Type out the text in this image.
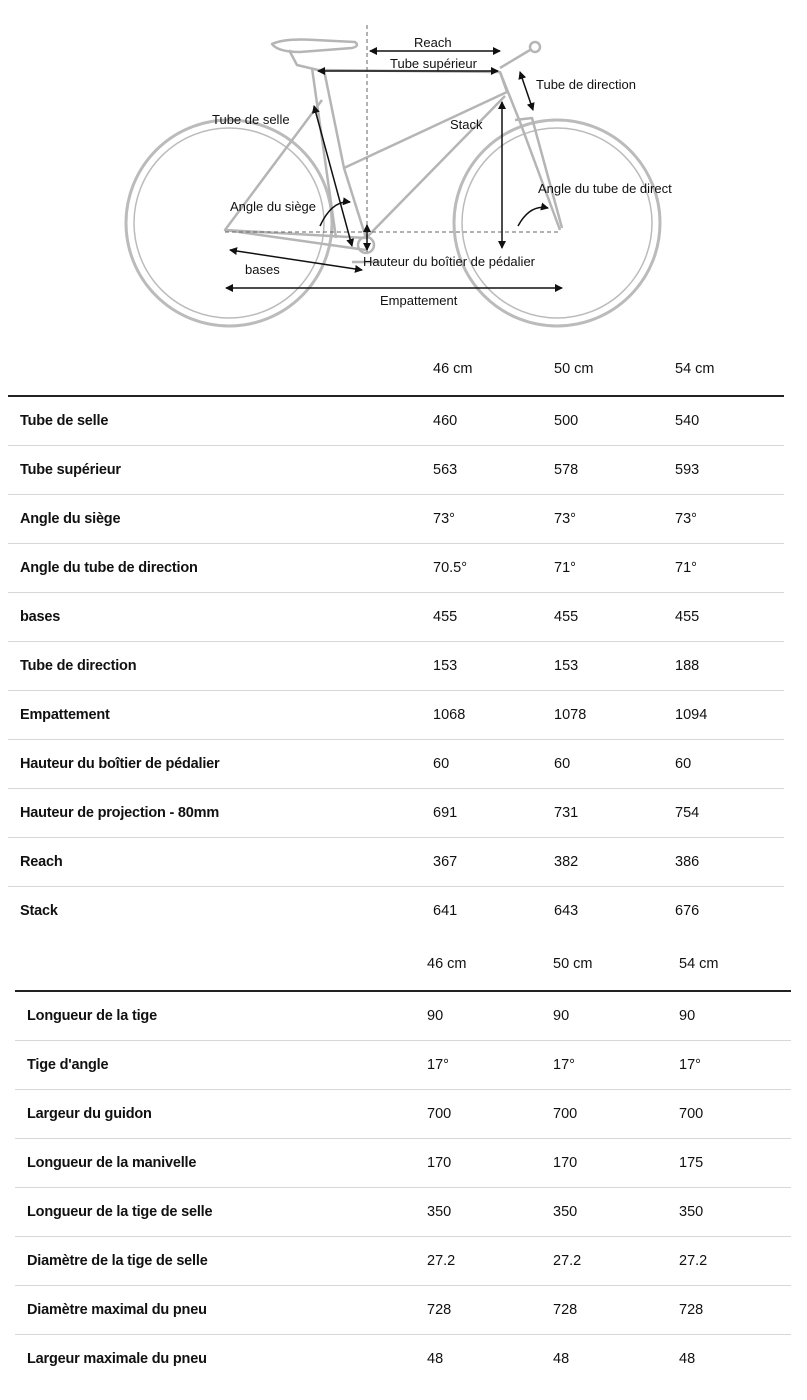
Reach
Tube supérieur
Tube de direction
Tube de selle	Stack
Angle du tube de direct
Angle du siège
Hauteur du boîtier de pédalier
bases
Empattement
	46 cm	50 cm	54 cm
Tube de selle	460	500	540
Tube supérieur	563	578	593
Angle du siège	73°	73°	73°
Angle du tube de direction	70.5°	71°	71°
bases	455	455	455
Tube de direction	153	153	188
Empattement	1068	1078	1094
Hauteur du boîtier de pédalier	60	60	60
Hauteur de projection - 80mm	691	731	754
Reach	367	382	386
Stack	641	643	676
	46 cm	50 cm	54 cm
Longueur de la tige	90	90	90
Tige d'angle	17°	17°	17°
Largeur du guidon	700	700	700
Longueur de la manivelle	170	170	175
Longueur de la tige de selle	350	350	350
Diamètre de la tige de selle	27.2	27.2	27.2
Diamètre maximal du pneu	728	728	728
Largeur maximale du pneu	48	48	48
